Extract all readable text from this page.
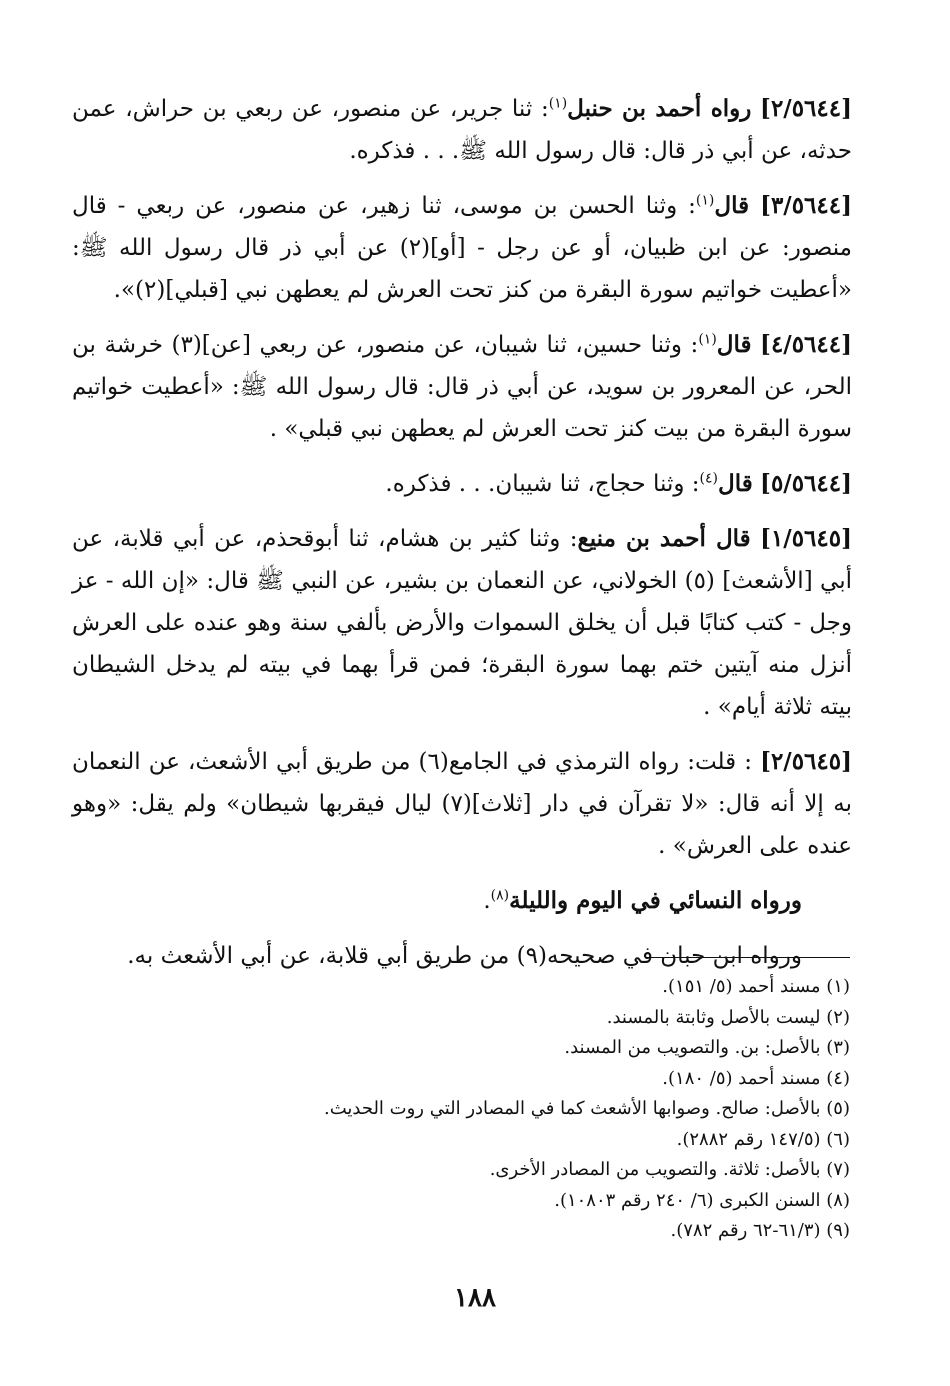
[٢/٥٦٤٤] رواه أحمد بن حنبل$^{(١)}$: ثنا جرير، عن منصور، عن ربعي بن حراش، عمن حدثه، عن أبي ذر قال: قال رسول الله ﷺ. . . فذكره.

[٣/٥٦٤٤] قال$^{(١)}$: وثنا الحسن بن موسى، ثنا زهير، عن منصور، عن ربعي - قال منصور: عن ابن ظبيان، أو عن رجل - [أو](٢) عن أبي ذر قال رسول الله ﷺ: «أعطيت خواتيم سورة البقرة من كنز تحت العرش لم يعطهن نبي [قبلي](٢)».

[٤/٥٦٤٤] قال$^{(١)}$: وثنا حسين، ثنا شيبان، عن منصور، عن ربعي [عن](٣) خرشة بن الحر، عن المعرور بن سويد، عن أبي ذر قال: قال رسول الله ﷺ: «أعطيت خواتيم سورة البقرة من بيت كنز تحت العرش لم يعطهن نبي قبلي» .

[٥/٥٦٤٤] قال$^{(٤)}$: وثنا حجاج، ثنا شيبان. . . فذكره.

[١/٥٦٤٥] قال أحمد بن منيع: وثنا كثير بن هشام، ثنا أبوقحذم، عن أبي قلابة، عن أبي [الأشعث] (٥) الخولاني، عن النعمان بن بشير، عن النبي ﷺ قال: «إن الله - عز وجل - كتب كتابًا قبل أن يخلق السموات والأرض بألفي سنة وهو عنده على العرش أنزل منه آيتين ختم بهما سورة البقرة؛ فمن قرأ بهما في بيته لم يدخل الشيطان بيته ثلاثة أيام» .

[٢/٥٦٤٥] : قلت: رواه الترمذي في الجامع(٦) من طريق أبي الأشعث، عن النعمان به إلا أنه قال: «لا تقرآن في دار [ثلاث](٧) ليال فيقربها شيطان» ولم يقل: «وهو عنده على العرش» .

ورواه النسائي في اليوم والليلة$^{(٨)}$.

ورواه ابن حبان في صحيحه(٩) من طريق أبي قلابة، عن أبي الأشعث به.

(١) مسند أحمد (٥/ ١٥١).
(٢) ليست بالأصل وثابتة بالمسند.
(٣) بالأصل: بن. والتصويب من المسند.
(٤) مسند أحمد (٥/ ١٨٠).
(٥) بالأصل: صالح. وصوابها الأشعث كما في المصادر التي روت الحديث.
(٦) (١٤٧/٥ رقم ٢٨٨٢).
(٧) بالأصل: ثلاثة. والتصويب من المصادر الأخرى.
(٨) السنن الكبرى (٦/ ٢٤٠ رقم ١٠٨٠٣).
(٩) (٦١/٣-٦٢ رقم ٧٨٢).
١٨٨
